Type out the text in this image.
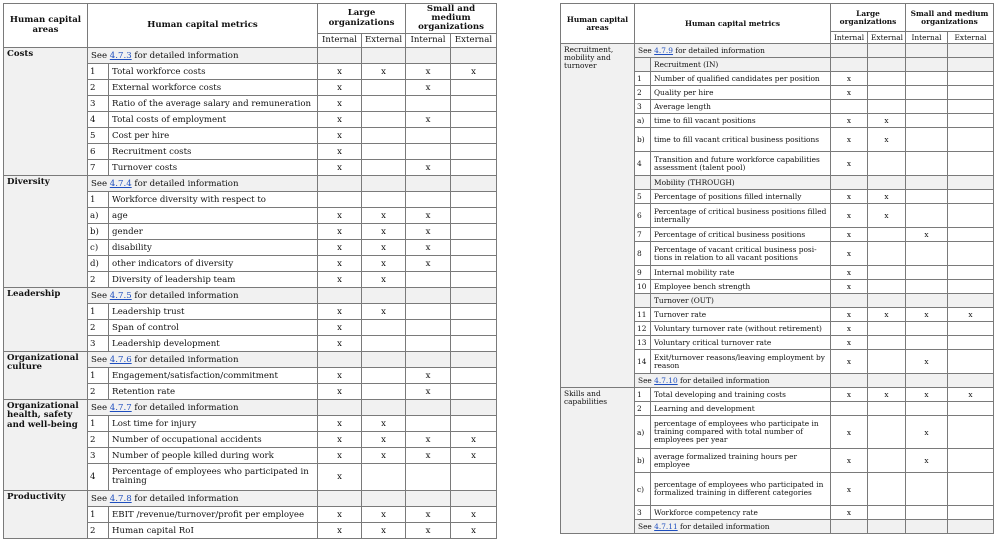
Human capital areas	Human capital metrics		Large organizations		Small and medium organizations	
			Internal	External	Internal	External
Costs	See 4.7.3 for detailed information					
	1	Total workforce costs	x	x	x	x
	2	External workforce costs	x		x	
	3	Ratio of the average salary and remuneration	x			
	4	Total costs of employment	x		x	
	5	Cost per hire	x			
	6	Recruitment costs	x			
	7	Turnover costs	x		x	
Diversity	See 4.7.4 for detailed information					
	1	Workforce diversity with respect to				
	a)	age	x	x	x	
	b)	gender	x	x	x	
	c)	disability	x	x	x	
	d)	other indicators of diversity	x	x	x	
	2	Diversity of leadership team	x	x		
Leadership	See 4.7.5 for detailed information					
	1	Leadership trust	x	x		
	2	Span of control	x			
	3	Leadership development	x			
Organizational culture	See 4.7.6 for detailed information					
	1	Engagement/satisfaction/commitment	x		x	
	2	Retention rate	x		x	
Organizational health, safety and well-being	See 4.7.7 for detailed information					
	1	Lost time for injury	x	x		
	2	Number of occupational accidents	x	x	x	x
	3	Number of people killed during work	x	x	x	x
	4	Percentage of employees who participated in training	x			
Productivity	See 4.7.8 for detailed information					
	1	EBIT /revenue/turnover/profit per employee	x	x	x	x
	2	Human capital RoI	x	x	x	x
Human capital areas	Human capital metrics		Large organizations		Small and medium organizations	
			Internal	External	Internal	External
Recruitment, mobility and turnover	See 4.7.9 for detailed information					
		Recruitment (IN)				
	1	Number of qualified candidates per position	x			
	2	Quality per hire	x			
	3	Average length				
	a)	time to fill vacant positions	x	x		
	b)	time to fill vacant critical business positions	x	x		
	4	Transition and future workforce capabilities assessment (talent pool)	x			
		Mobility (THROUGH)				
	5	Percentage of positions filled internally	x	x		
	6	Percentage of critical business positions filled internally	x	x		
	7	Percentage of critical business positions	x		x	
	8	Percentage of vacant critical business posi- tions in relation to all vacant positions	x			
	9	Internal mobility rate	x			
	10	Employee bench strength	x			
		Turnover (OUT)				
	11	Turnover rate	x	x	x	x
	12	Voluntary turnover rate (without retirement)	x			
	13	Voluntary critical turnover rate	x			
	14	Exit/turnover reasons/leaving employment by reason	x		x	
	See 4.7.10 for detailed information					
Skills and capabilities	1	Total developing and training costs	x	x	x	x
	2	Learning and development				
	a)	percentage of employees who participate in training compared with total number of employees per year	x		x	
	b)	average formalized training hours per employee	x		x	
	c)	percentage of employees who participated in formalized training in different categories	x			
	3	Workforce competency rate	x			
	See 4.7.11 for detailed information					
